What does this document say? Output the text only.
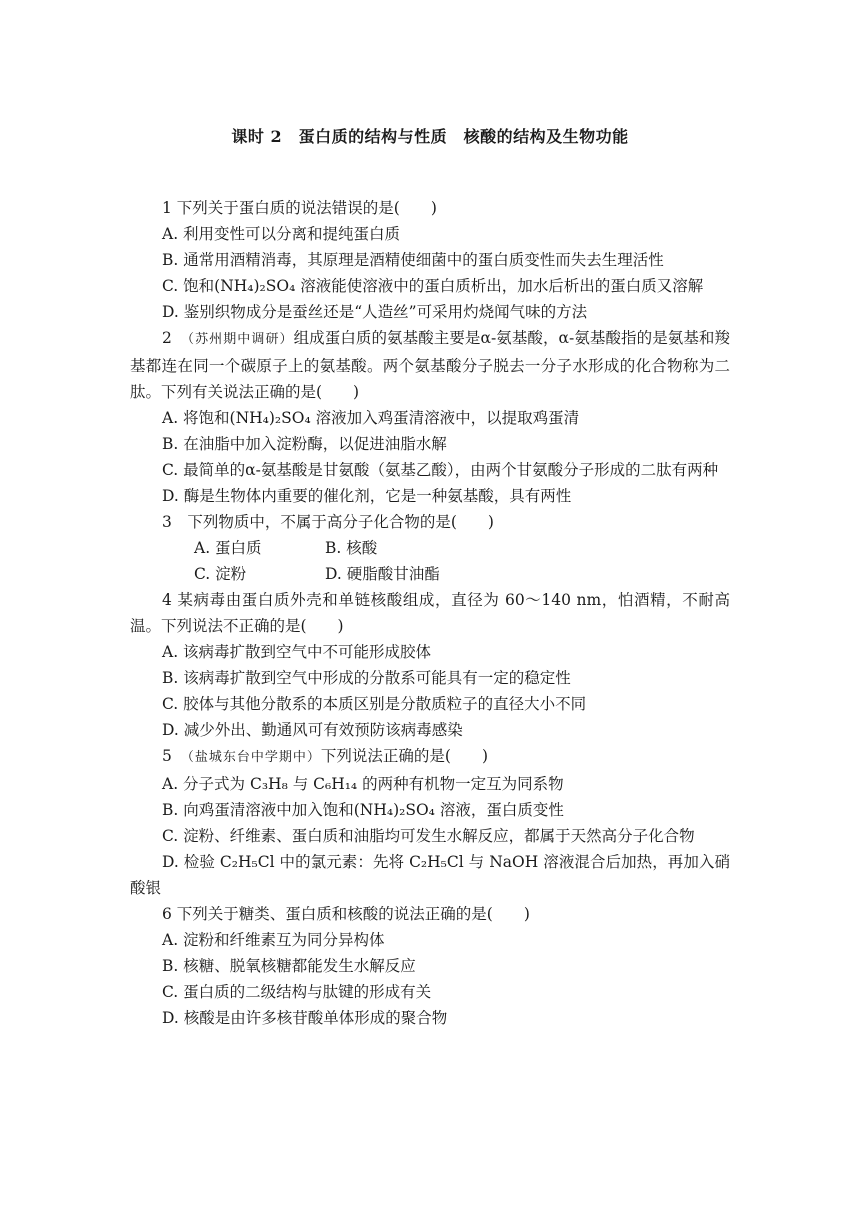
课时 2　蛋白质的结构与性质　核酸的结构及生物功能

1 下列关于蛋白质的说法错误的是(　　)

A. 利用变性可以分离和提纯蛋白质

B. 通常用酒精消毒，其原理是酒精使细菌中的蛋白质变性而失去生理活性

C. 饱和(NH₄)₂SO₄ 溶液能使溶液中的蛋白质析出，加水后析出的蛋白质又溶解

D. 鉴别织物成分是蚕丝还是“人造丝”可采用灼烧闻气味的方法

2　（苏州期中调研）组成蛋白质的氨基酸主要是α-氨基酸，α-氨基酸指的是氨基和羧基都连在同一个碳原子上的氨基酸。两个氨基酸分子脱去一分子水形成的化合物称为二肽。下列有关说法正确的是(　　)

A. 将饱和(NH₄)₂SO₄ 溶液加入鸡蛋清溶液中，以提取鸡蛋清

B. 在油脂中加入淀粉酶，以促进油脂水解

C. 最简单的α-氨基酸是甘氨酸（氨基乙酸），由两个甘氨酸分子形成的二肽有两种

D. 酶是生物体内重要的催化剂，它是一种氨基酸，具有两性

3　下列物质中，不属于高分子化合物的是(　　)

A. 蛋白质	B. 核酸

C. 淀粉	D. 硬脂酸甘油酯

4 某病毒由蛋白质外壳和单链核酸组成，直径为 60～140 nm，怕酒精，不耐高温。下列说法不正确的是(　　)

A. 该病毒扩散到空气中不可能形成胶体

B. 该病毒扩散到空气中形成的分散系可能具有一定的稳定性

C. 胶体与其他分散系的本质区别是分散质粒子的直径大小不同

D. 减少外出、勤通风可有效预防该病毒感染

5　（盐城东台中学期中）下列说法正确的是(　　)

A. 分子式为 C₃H₈ 与 C₆H₁₄ 的两种有机物一定互为同系物

B. 向鸡蛋清溶液中加入饱和(NH₄)₂SO₄ 溶液，蛋白质变性

C. 淀粉、纤维素、蛋白质和油脂均可发生水解反应，都属于天然高分子化合物

D. 检验 C₂H₅Cl 中的氯元素：先将 C₂H₅Cl 与 NaOH 溶液混合后加热，再加入硝酸银

6 下列关于糖类、蛋白质和核酸的说法正确的是(　　)

A. 淀粉和纤维素互为同分异构体

B. 核糖、脱氧核糖都能发生水解反应

C. 蛋白质的二级结构与肽键的形成有关

D. 核酸是由许多核苷酸单体形成的聚合物
